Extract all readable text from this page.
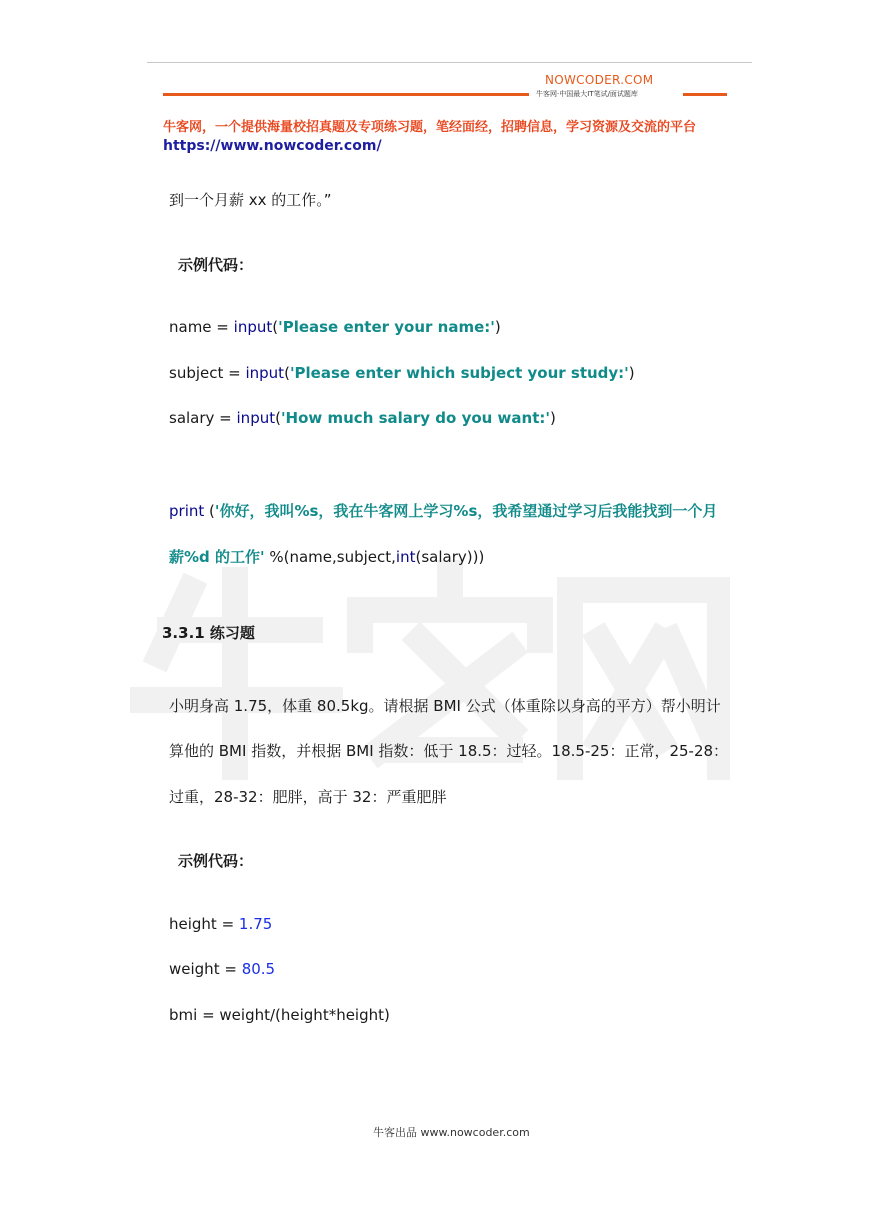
NOWCODER.COM
牛客网·中国最大IT笔试/面试题库
牛客网，一个提供海量校招真题及专项练习题，笔经面经，招聘信息，学习资源及交流的平台
https://www.nowcoder.com/
到一个月薪 xx 的工作。”
示例代码：
name = input('Please enter your name:')
subject = input('Please enter which subject your study:')
salary = input('How much salary do you want:')
print ('你好，我叫%s，我在牛客网上学习%s，我希望通过学习后我能找到一个月
薪%d 的工作' %(name,subject,int(salary)))
3.3.1 练习题
小明身高 1.75，体重 80.5kg。请根据 BMI 公式（体重除以身高的平方）帮小明计
算他的 BMI 指数，并根据 BMI 指数：低于 18.5：过轻。18.5-25：正常，25-28：
过重，28-32：肥胖，高于 32：严重肥胖
示例代码：
height = 1.75
weight = 80.5
bmi = weight/(height*height)
牛客出品 www.nowcoder.com
